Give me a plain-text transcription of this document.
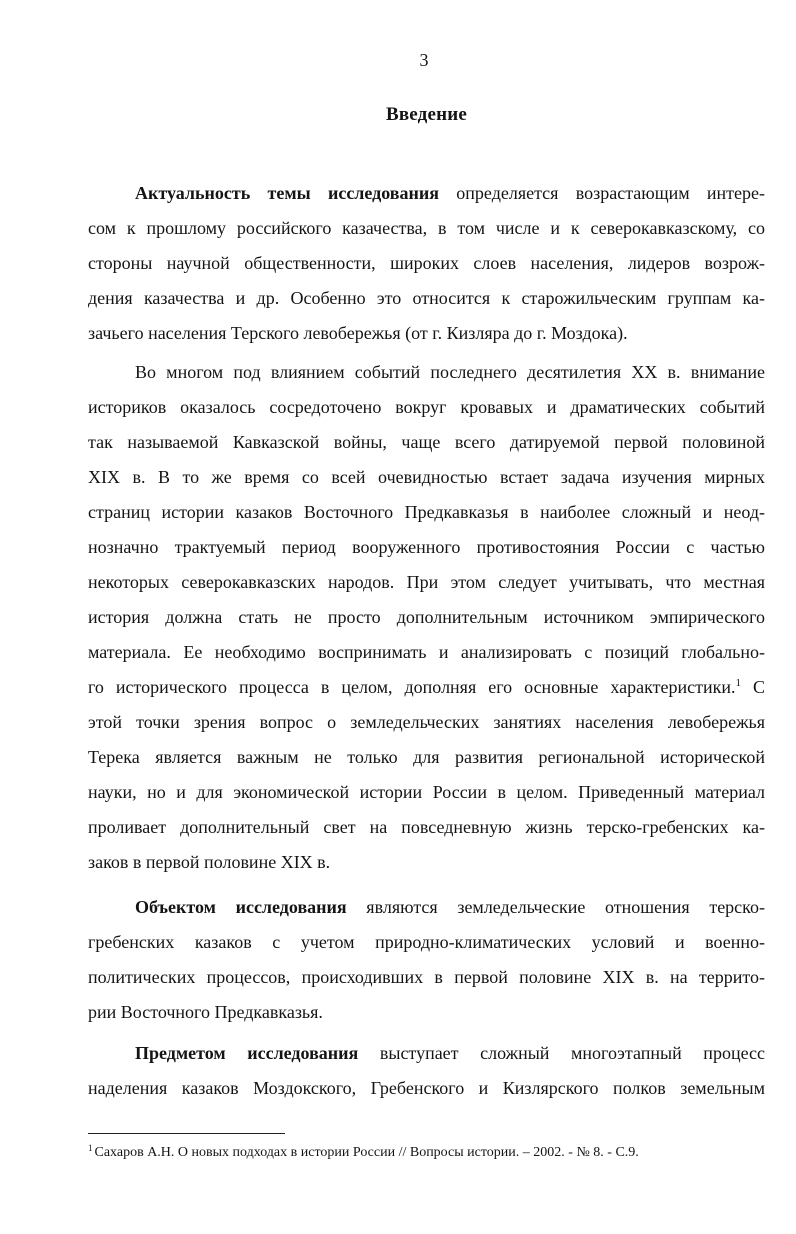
3
Введение
Актуальность темы исследования определяется возрастающим интере-
сом к прошлому российского казачества, в том числе и к северокавказскому, со
стороны научной общественности, широких слоев населения, лидеров возрож-
дения казачества и др. Особенно это относится к старожильческим группам ка-
зачьего населения Терского левобережья (от г. Кизляра до г. Моздока).
Во многом под влиянием событий последнего десятилетия XX в. внимание
историков оказалось сосредоточено вокруг кровавых и драматических событий
так называемой Кавказской войны, чаще всего датируемой первой половиной
XIX в. В то же время со всей очевидностью встает задача изучения мирных
страниц истории казаков Восточного Предкавказья в наиболее сложный и неод-
нозначно трактуемый период вооруженного противостояния России с частью
некоторых северокавказских народов. При этом следует учитывать, что местная
история должна стать не просто дополнительным источником эмпирического
материала. Ее необходимо воспринимать и анализировать с позиций глобально-
го исторического процесса в целом, дополняя его основные характеристики.$^1$ С
этой точки зрения вопрос о земледельческих занятиях населения левобережья
Терека является важным не только для развития региональной исторической
науки, но и для экономической истории России в целом. Приведенный материал
проливает дополнительный свет на повседневную жизнь терско-гребенских ка-
заков в первой половине XIX в.
Объектом исследования являются земледельческие отношения терско-
гребенских казаков с учетом природно-климатических условий и военно-
политических процессов, происходивших в первой половине XIX в. на террито-
рии Восточного Предкавказья.
Предметом исследования выступает сложный многоэтапный процесс
наделения казаков Моздокского, Гребенского и Кизлярского полков земельным
$^1$ Сахаров А.Н. О новых подходах в истории России // Вопросы истории. – 2002. - № 8. - С.9.
